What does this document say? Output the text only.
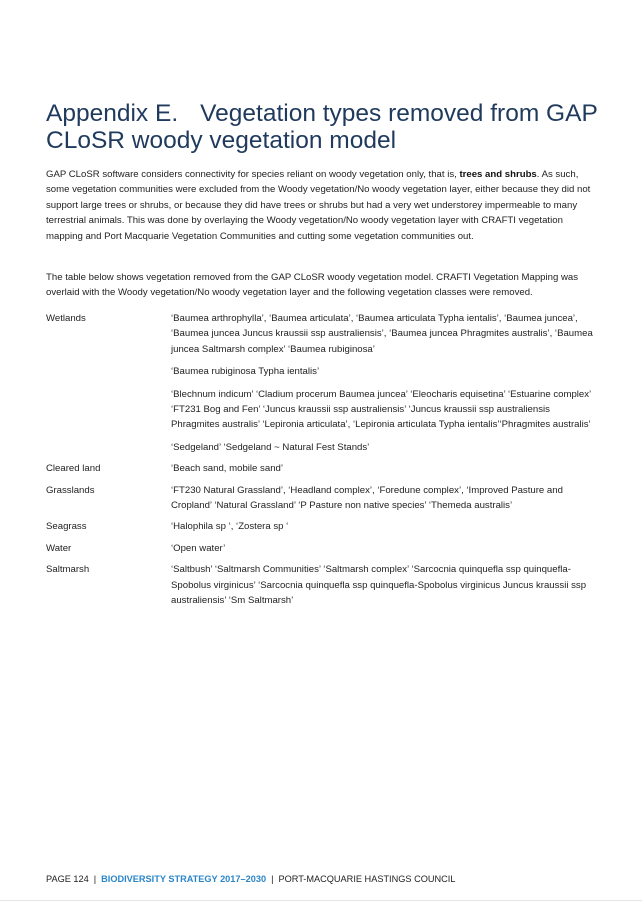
Appendix E. Vegetation types removed from GAP
CLoSR woody vegetation model

GAP CLoSR software considers connectivity for species reliant on woody vegetation only, that is, trees and shrubs. As such, some vegetation communities were excluded from the Woody vegetation/No woody vegetation layer, either because they did not support large trees or shrubs, or because they did have trees or shrubs but had a very wet understorey impermeable to many terrestrial animals. This was done by overlaying the Woody vegetation/No woody vegetation layer with CRAFTI vegetation mapping and Port Macquarie Vegetation Communities and cutting some vegetation communities out.

The table below shows vegetation removed from the GAP CLoSR woody vegetation model. CRAFTI Vegetation Mapping was overlaid with the Woody vegetation/No woody vegetation layer and the following vegetation classes were removed.

Wetlands	‘Baumea arthrophylla’, ‘Baumea articulata’, ‘Baumea articulata Typha ientalis’, ‘Baumea juncea’, ‘Baumea juncea Juncus kraussii ssp australiensis’, ‘Baumea juncea Phragmites australis’, ‘Baumea juncea Saltmarsh complex’ ‘Baumea rubiginosa’

‘Baumea rubiginosa Typha ientalis’

‘Blechnum indicum’ ‘Cladium procerum Baumea juncea’ ‘Eleocharis equisetina’ ‘Estuarine complex’ ‘FT231 Bog and Fen’ ‘Juncus kraussii ssp australiensis’ ‘Juncus kraussii ssp australiensis Phragmites australis’ ‘Lepironia articulata’, ‘Lepironia articulata Typha ientalis’‘Phragmites australis’

‘Sedgeland’ ‘Sedgeland ~ Natural Fest Stands’

Cleared land	‘Beach sand, mobile sand’

Grasslands	‘FT230 Natural Grassland’, ‘Headland complex’, ‘Foredune complex’, ‘Improved Pasture and Cropland’ ‘Natural Grassland’ ‘P Pasture non native species’ ‘Themeda australis’

Seagrass	‘Halophila sp ‘, ‘Zostera sp ‘

Water	‘Open water’

Saltmarsh	‘Saltbush’ ‘Saltmarsh Communities’ ‘Saltmarsh complex’ ‘Sarcocnia quinquefla ssp quinquefla-Spobolus virginicus’ ‘Sarcocnia quinquefla ssp quinquefla-Spobolus virginicus Juncus kraussii ssp australiensis’ ‘Sm Saltmarsh’

PAGE 124 | BIODIVERSITY STRATEGY 2017–2030 | PORT-MACQUARIE HASTINGS COUNCIL
